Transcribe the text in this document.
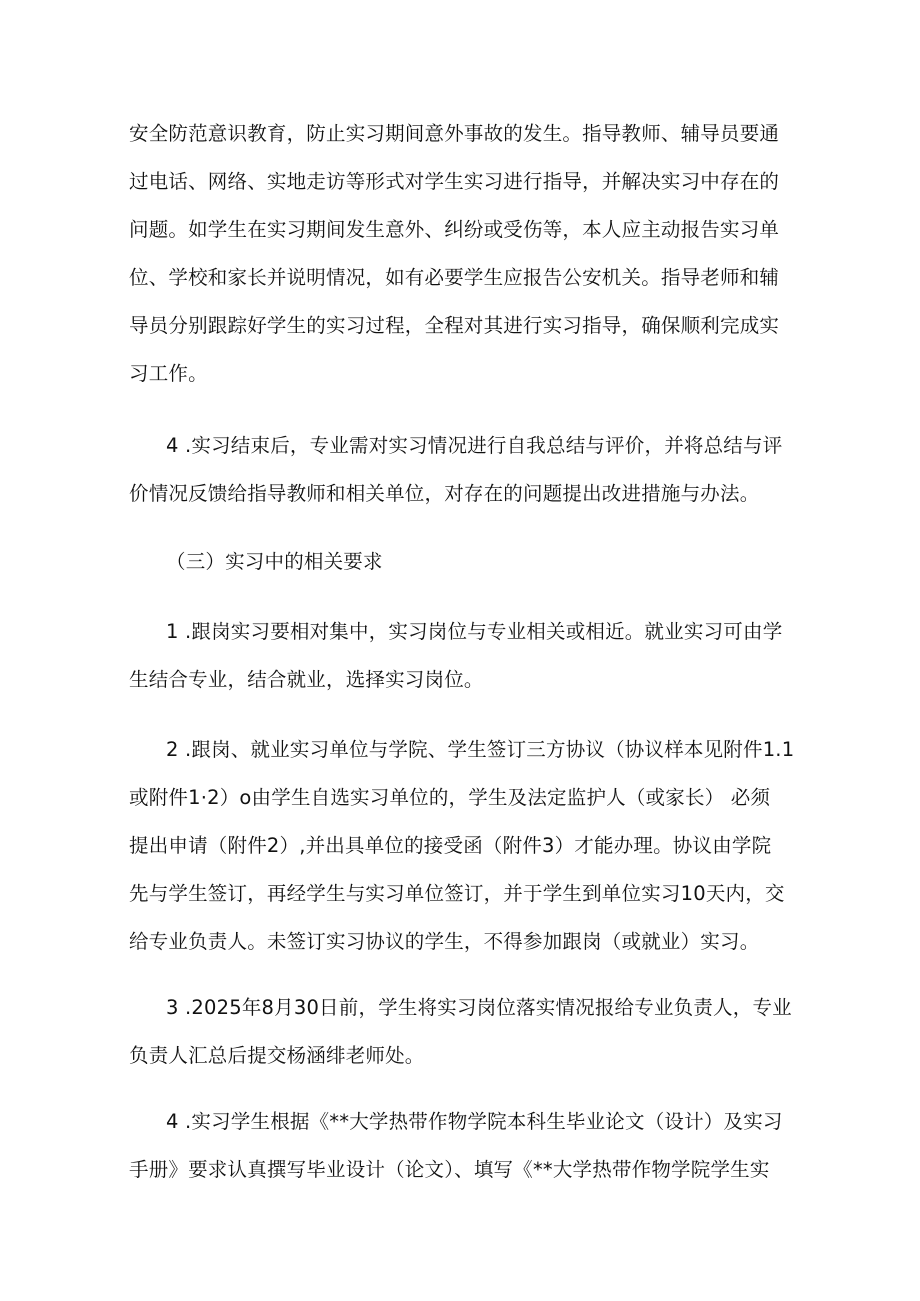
安全防范意识教育，防止实习期间意外事故的发生。指导教师、辅导员要通
过电话、网络、实地走访等形式对学生实习进行指导，并解决实习中存在的
问题。如学生在实习期间发生意外、纠纷或受伤等，本人应主动报告实习单
位、学校和家长并说明情况，如有必要学生应报告公安机关。指导老师和辅
导员分别跟踪好学生的实习过程，全程对其进行实习指导，确保顺利完成实
习工作。
4 .实习结束后，专业需对实习情况进行自我总结与评价，并将总结与评
价情况反馈给指导教师和相关单位，对存在的问题提出改进措施与办法。
（三）实习中的相关要求
1 .跟岗实习要相对集中，实习岗位与专业相关或相近。就业实习可由学
生结合专业，结合就业，选择实习岗位。
2 .跟岗、就业实习单位与学院、学生签订三方协议（协议样本见附件1.1
或附件1·2）o由学生自选实习单位的，学生及法定监护人（或家长） 必须
提出申请（附件2）,并出具单位的接受函（附件3）才能办理。协议由学院
先与学生签订，再经学生与实习单位签订，并于学生到单位实习10天内，交
给专业负责人。未签订实习协议的学生，不得参加跟岗（或就业）实习。
3 .2025年8月30日前，学生将实习岗位落实情况报给专业负责人，专业
负责人汇总后提交杨涵绯老师处。
4 .实习学生根据《**大学热带作物学院本科生毕业论文（设计）及实习
手册》要求认真撰写毕业设计（论文）、填写《**大学热带作物学院学生实
